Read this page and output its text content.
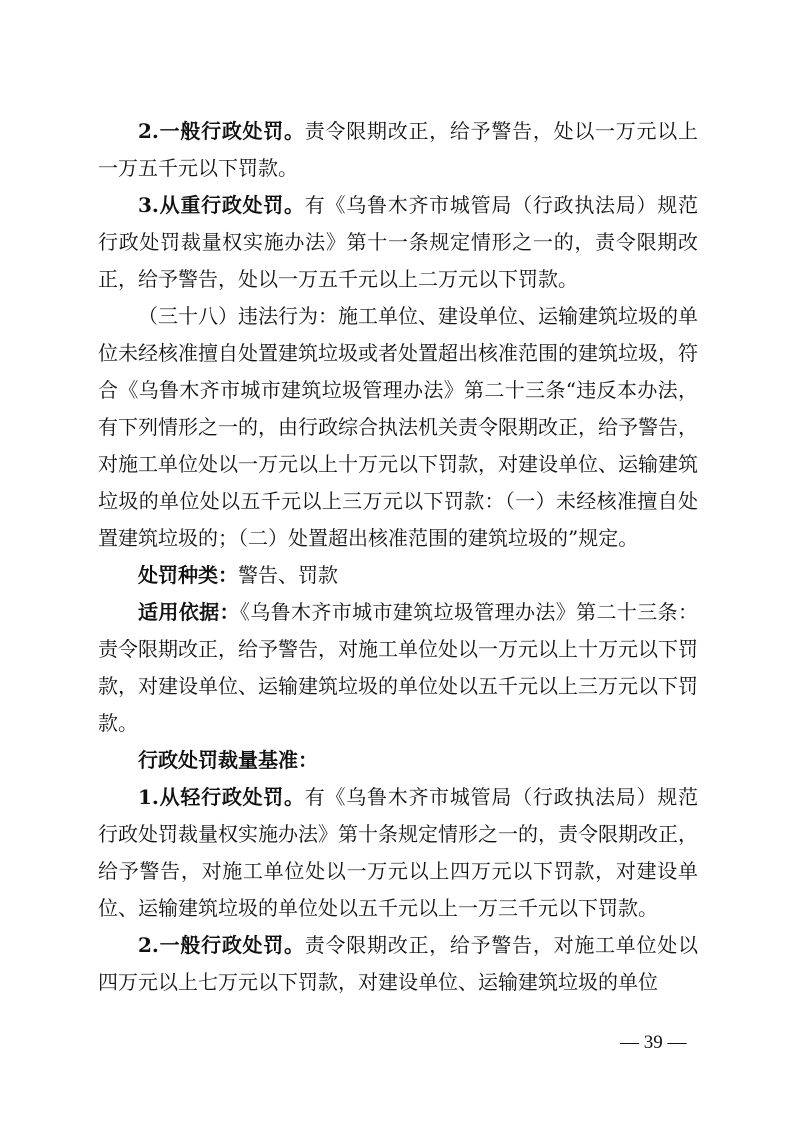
2.一般行政处罚。责令限期改正，给予警告，处以一万元以上一万五千元以下罚款。

3.从重行政处罚。有《乌鲁木齐市城管局（行政执法局）规范行政处罚裁量权实施办法》第十一条规定情形之一的，责令限期改正，给予警告，处以一万五千元以上二万元以下罚款。

（三十八）违法行为：施工单位、建设单位、运输建筑垃圾的单位未经核准擅自处置建筑垃圾或者处置超出核准范围的建筑垃圾，符合《乌鲁木齐市城市建筑垃圾管理办法》第二十三条“违反本办法，有下列情形之一的，由行政综合执法机关责令限期改正，给予警告，对施工单位处以一万元以上十万元以下罚款，对建设单位、运输建筑垃圾的单位处以五千元以上三万元以下罚款：（一）未经核准擅自处置建筑垃圾的；（二）处置超出核准范围的建筑垃圾的”规定。

处罚种类：警告、罚款

适用依据：《乌鲁木齐市城市建筑垃圾管理办法》第二十三条：责令限期改正，给予警告，对施工单位处以一万元以上十万元以下罚款，对建设单位、运输建筑垃圾的单位处以五千元以上三万元以下罚款。

行政处罚裁量基准：

1.从轻行政处罚。有《乌鲁木齐市城管局（行政执法局）规范行政处罚裁量权实施办法》第十条规定情形之一的，责令限期改正，给予警告，对施工单位处以一万元以上四万元以下罚款，对建设单位、运输建筑垃圾的单位处以五千元以上一万三千元以下罚款。

2.一般行政处罚。责令限期改正，给予警告，对施工单位处以四万元以上七万元以下罚款，对建设单位、运输建筑垃圾的单位

— 39 —
